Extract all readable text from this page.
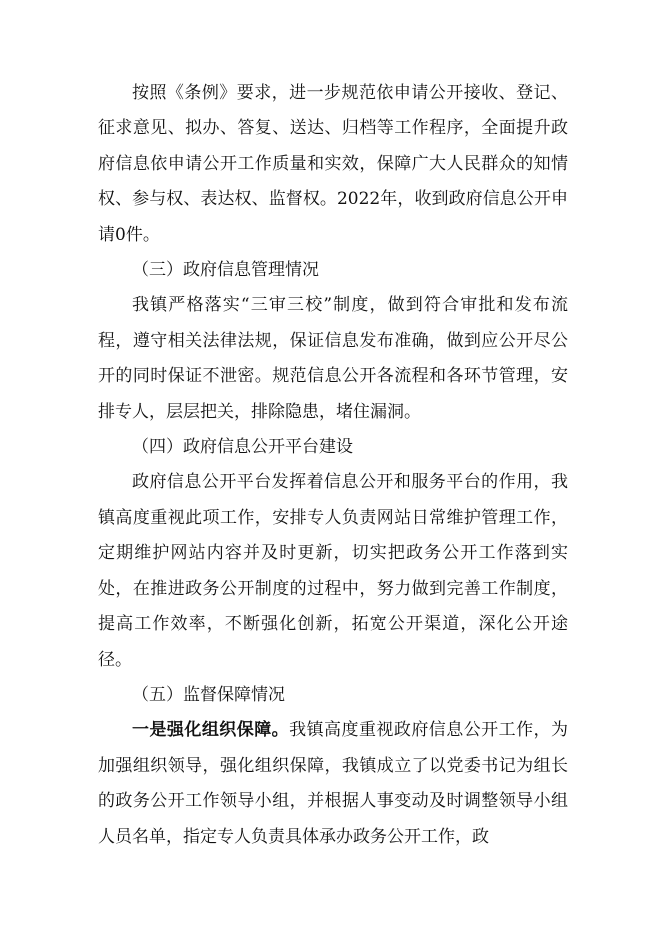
按照《条例》要求，进一步规范依申请公开接收、登记、征求意见、拟办、答复、送达、归档等工作程序，全面提升政府信息依申请公开工作质量和实效，保障广大人民群众的知情权、参与权、表达权、监督权。2022年，收到政府信息公开申请0件。

（三）政府信息管理情况

我镇严格落实“三审三校”制度，做到符合审批和发布流程，遵守相关法律法规，保证信息发布准确，做到应公开尽公开的同时保证不泄密。规范信息公开各流程和各环节管理，安排专人，层层把关，排除隐患，堵住漏洞。

（四）政府信息公开平台建设

政府信息公开平台发挥着信息公开和服务平台的作用，我镇高度重视此项工作，安排专人负责网站日常维护管理工作，定期维护网站内容并及时更新，切实把政务公开工作落到实处，在推进政务公开制度的过程中，努力做到完善工作制度，提高工作效率，不断强化创新，拓宽公开渠道，深化公开途径。

（五）监督保障情况

一是强化组织保障。我镇高度重视政府信息公开工作，为加强组织领导，强化组织保障，我镇成立了以党委书记为组长的政务公开工作领导小组，并根据人事变动及时调整领导小组人员名单，指定专人负责具体承办政务公开工作，政
